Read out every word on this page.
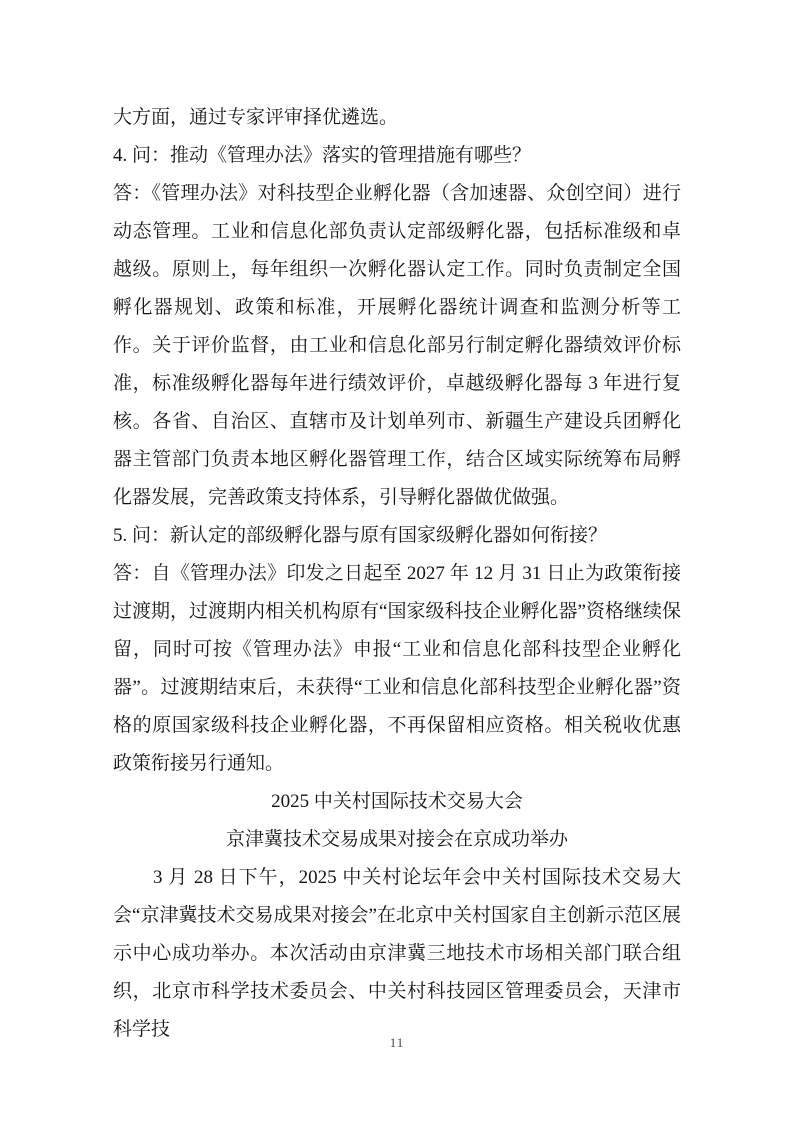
大方面，通过专家评审择优遴选。

4. 问：推动《管理办法》落实的管理措施有哪些？

答：《管理办法》对科技型企业孵化器（含加速器、众创空间）进行动态管理。工业和信息化部负责认定部级孵化器，包括标准级和卓越级。原则上，每年组织一次孵化器认定工作。同时负责制定全国孵化器规划、政策和标准，开展孵化器统计调查和监测分析等工作。关于评价监督，由工业和信息化部另行制定孵化器绩效评价标准，标准级孵化器每年进行绩效评价，卓越级孵化器每 3 年进行复核。各省、自治区、直辖市及计划单列市、新疆生产建设兵团孵化器主管部门负责本地区孵化器管理工作，结合区域实际统筹布局孵化器发展，完善政策支持体系，引导孵化器做优做强。

5. 问：新认定的部级孵化器与原有国家级孵化器如何衔接？

答：自《管理办法》印发之日起至 2027 年 12 月 31 日止为政策衔接过渡期，过渡期内相关机构原有“国家级科技企业孵化器”资格继续保留，同时可按《管理办法》申报“工业和信息化部科技型企业孵化器”。过渡期结束后，未获得“工业和信息化部科技型企业孵化器”资格的原国家级科技企业孵化器，不再保留相应资格。相关税收优惠政策衔接另行通知。

2025 中关村国际技术交易大会
京津冀技术交易成果对接会在京成功举办

3 月 28 日下午，2025 中关村论坛年会中关村国际技术交易大会“京津冀技术交易成果对接会”在北京中关村国家自主创新示范区展示中心成功举办。本次活动由京津冀三地技术市场相关部门联合组织，北京市科学技术委员会、中关村科技园区管理委员会，天津市科学技

11
